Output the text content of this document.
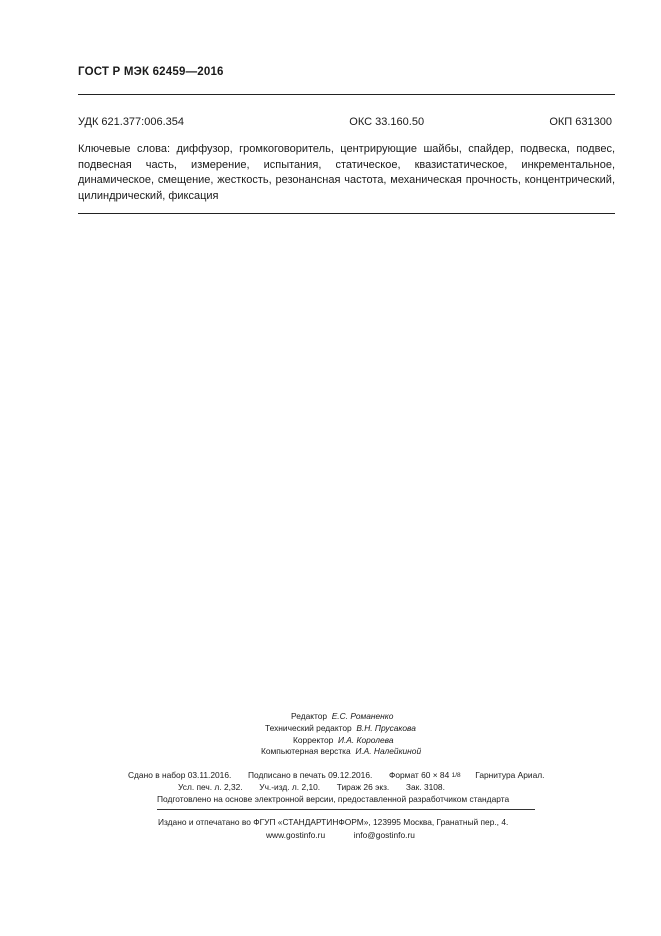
ГОСТ Р МЭК 62459—2016
УДК 621.377:006.354	ОКС 33.160.50	ОКП 631300
Ключевые слова: диффузор, громкоговоритель, центрирующие шайбы, спайдер, подвеска, подвес, подвесная часть, измерение, испытания, статическое, квазистатическое, инкрементальное, динамическое, смещение, жесткость, резонансная частота, механическая прочность, концентрический, цилиндрический, фиксация
Редактор Е.С. Романенко
Технический редактор В.Н. Прусакова
Корректор И.А. Королева
Компьютерная верстка И.А. Налейкиной
Сдано в набор 03.11.2016. Подписано в печать 09.12.2016. Формат 60 × 84 1/8 Гарнитура Ариал.
Усл. печ. л. 2,32. Уч.-изд. л. 2,10. Тираж 26 экз. Зак. 3108.
Подготовлено на основе электронной версии, предоставленной разработчиком стандарта
Издано и отпечатано во ФГУП «СТАНДАРТИНФОРМ», 123995 Москва, Гранатный пер., 4.
www.gostinfo.ru	info@gostinfo.ru
